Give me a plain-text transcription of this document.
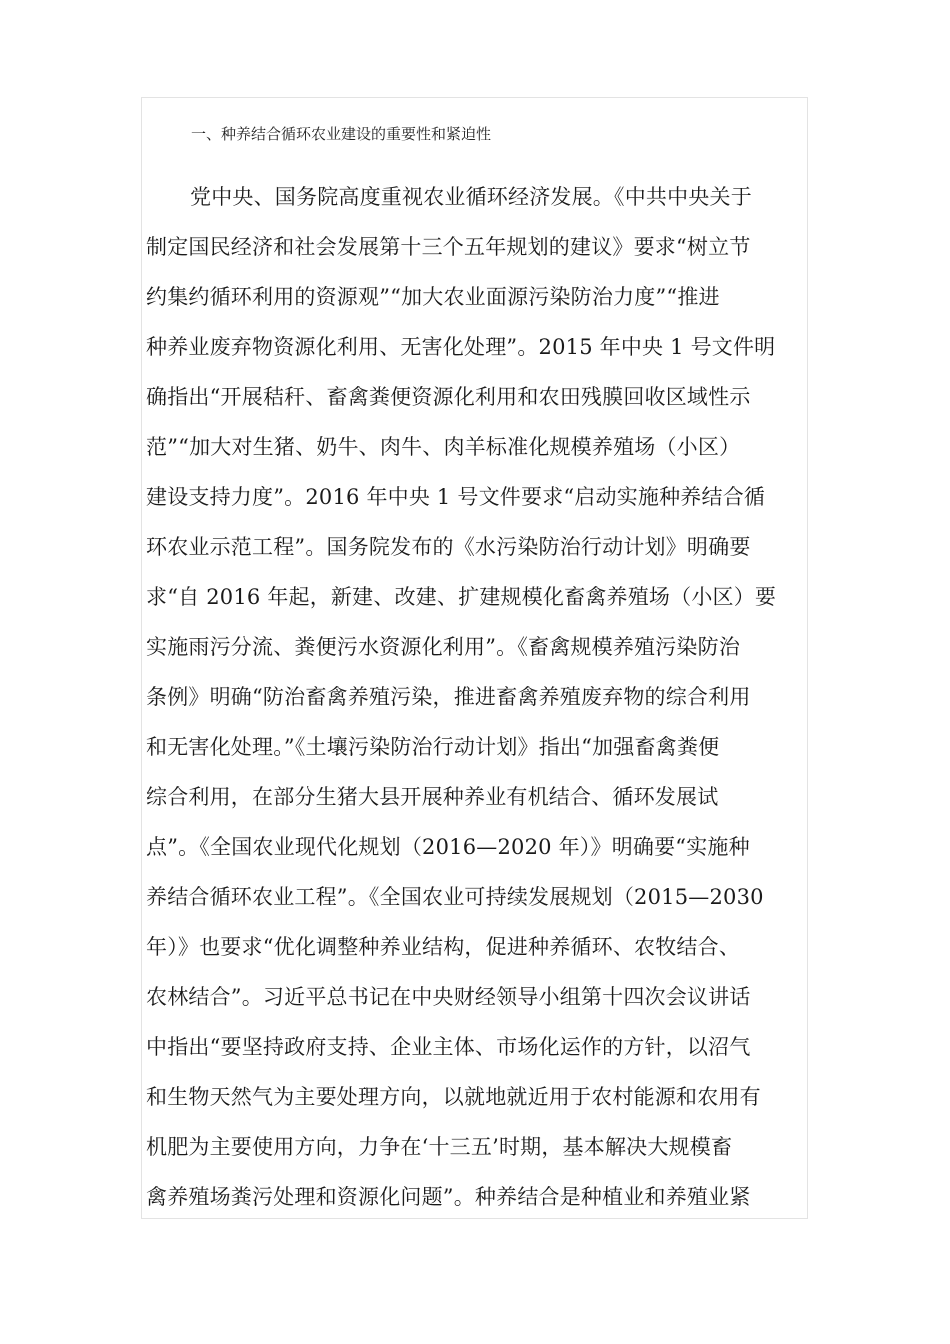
一、种养结合循环农业建设的重要性和紧迫性
党中央、国务院高度重视农业循环经济发展。《中共中央关于
制定国民经济和社会发展第十三个五年规划的建议》要求“树立节
约集约循环利用的资源观”“加大农业面源污染防治力度”“推进
种养业废弃物资源化利用、无害化处理”。2015 年中央 1 号文件明
确指出“开展秸秆、畜禽粪便资源化利用和农田残膜回收区域性示
范”“加大对生猪、奶牛、肉牛、肉羊标准化规模养殖场（小区）
建设支持力度”。2016 年中央 1 号文件要求“启动实施种养结合循
环农业示范工程”。国务院发布的《水污染防治行动计划》明确要
求“自 2016 年起，新建、改建、扩建规模化畜禽养殖场（小区）要
实施雨污分流、粪便污水资源化利用”。《畜禽规模养殖污染防治
条例》明确“防治畜禽养殖污染，推进畜禽养殖废弃物的综合利用
和无害化处理。”《土壤污染防治行动计划》指出“加强畜禽粪便
综合利用，在部分生猪大县开展种养业有机结合、循环发展试
点”。《全国农业现代化规划（2016—2020 年）》明确要“实施种
养结合循环农业工程”。《全国农业可持续发展规划（2015—2030
年）》也要求“优化调整种养业结构，促进种养循环、农牧结合、
农林结合”。习近平总书记在中央财经领导小组第十四次会议讲话
中指出“要坚持政府支持、企业主体、市场化运作的方针，以沼气
和生物天然气为主要处理方向，以就地就近用于农村能源和农用有
机肥为主要使用方向，力争在‘十三五’时期，基本解决大规模畜
禽养殖场粪污处理和资源化问题”。种养结合是种植业和养殖业紧
